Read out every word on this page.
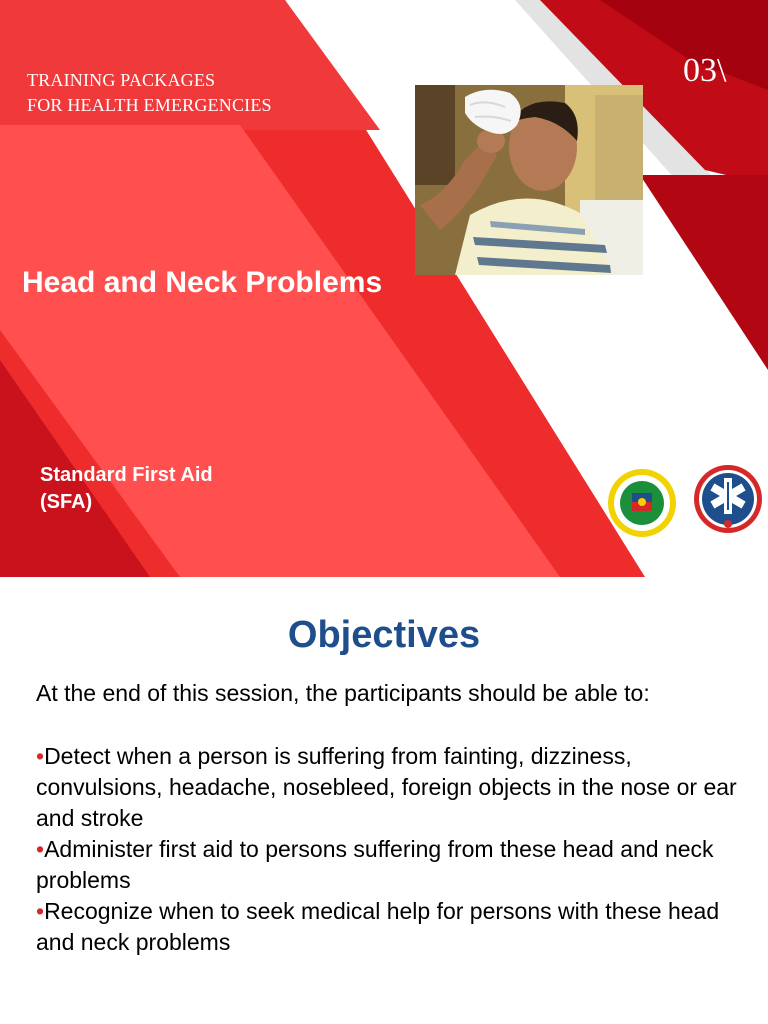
TRAINING PACKAGES
FOR HEALTH EMERGENCIES
03\
Head and Neck Problems
Standard First Aid
(SFA)
Objectives
At the end of this session, the participants should be able to:
•Detect when a person is suffering from fainting, dizziness, convulsions, headache, nosebleed, foreign objects in the nose or ear and stroke
•Administer first aid to persons suffering from these head and neck problems
•Recognize when to seek medical help for persons with these head and neck problems
